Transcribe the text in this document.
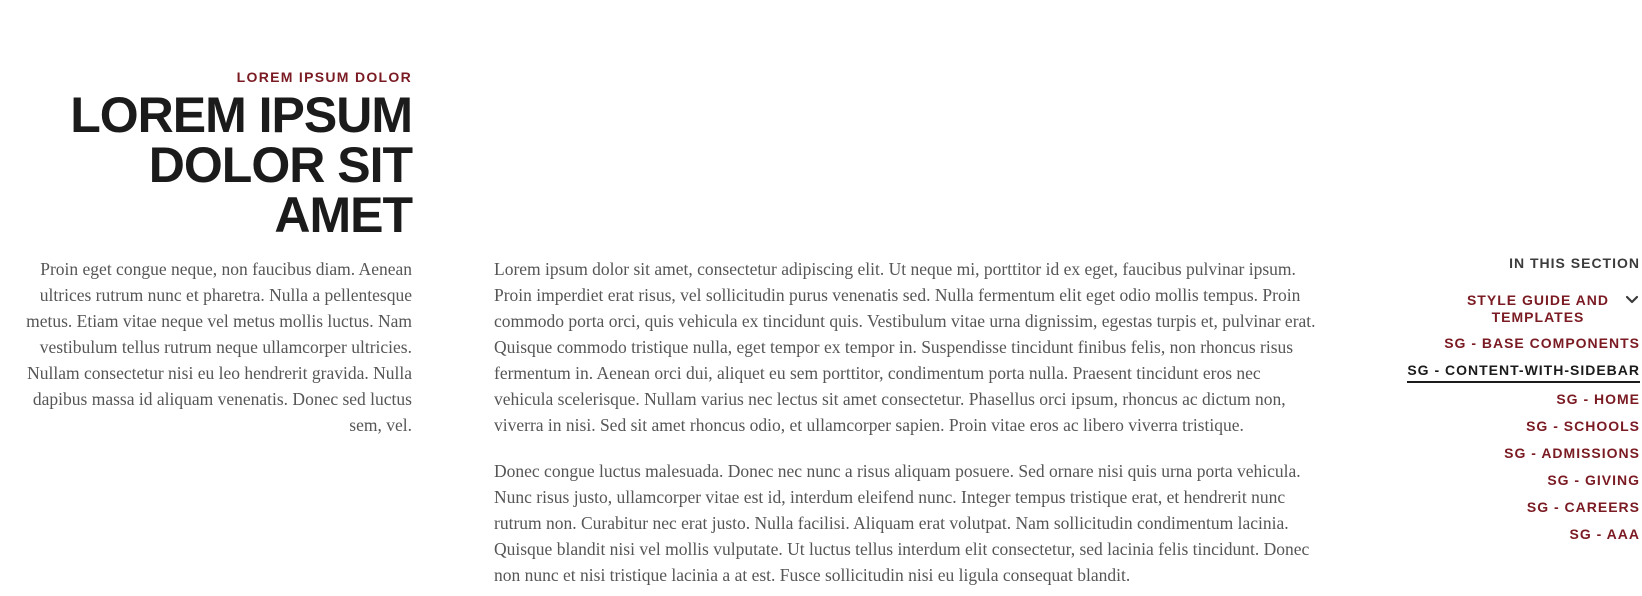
LOREM IPSUM DOLOR
LOREM IPSUM
DOLOR SIT
AMET

Proin eget congue neque, non faucibus diam. Aenean ultrices rutrum nunc et pharetra. Nulla a pellentesque metus. Etiam vitae neque vel metus mollis luctus. Nam vestibulum tellus rutrum neque ullamcorper ultricies. Nullam consectetur nisi eu leo hendrerit gravida. Nulla dapibus massa id aliquam venenatis. Donec sed luctus sem, vel.

Lorem ipsum dolor sit amet, consectetur adipiscing elit. Ut neque mi, porttitor id ex eget, faucibus pulvinar ipsum. Proin imperdiet erat risus, vel sollicitudin purus venenatis sed. Nulla fermentum elit eget odio mollis tempus. Proin commodo porta orci, quis vehicula ex tincidunt quis. Vestibulum vitae urna dignissim, egestas turpis et, pulvinar erat. Quisque commodo tristique nulla, eget tempor ex tempor in. Suspendisse tincidunt finibus felis, non rhoncus risus fermentum in. Aenean orci dui, aliquet eu sem porttitor, condimentum porta nulla. Praesent tincidunt eros nec vehicula scelerisque. Nullam varius nec lectus sit amet consectetur. Phasellus orci ipsum, rhoncus ac dictum non, viverra in nisi. Sed sit amet rhoncus odio, et ullamcorper sapien. Proin vitae eros ac libero viverra tristique.

Donec congue luctus malesuada. Donec nec nunc a risus aliquam posuere. Sed ornare nisi quis urna porta vehicula. Nunc risus justo, ullamcorper vitae est id, interdum eleifend nunc. Integer tempus tristique erat, et hendrerit nunc rutrum non. Curabitur nec erat justo. Nulla facilisi. Aliquam erat volutpat. Nam sollicitudin condimentum lacinia. Quisque blandit nisi vel mollis vulputate. Ut luctus tellus interdum elit consectetur, sed lacinia felis tincidunt. Donec non nunc et nisi tristique lacinia a at est. Fusce sollicitudin nisi eu ligula consequat blandit.

IN THIS SECTION
STYLE GUIDE AND TEMPLATES
SG - BASE COMPONENTS
SG - CONTENT-WITH-SIDEBAR
SG - HOME
SG - SCHOOLS
SG - ADMISSIONS
SG - GIVING
SG - CAREERS
SG - AAA
